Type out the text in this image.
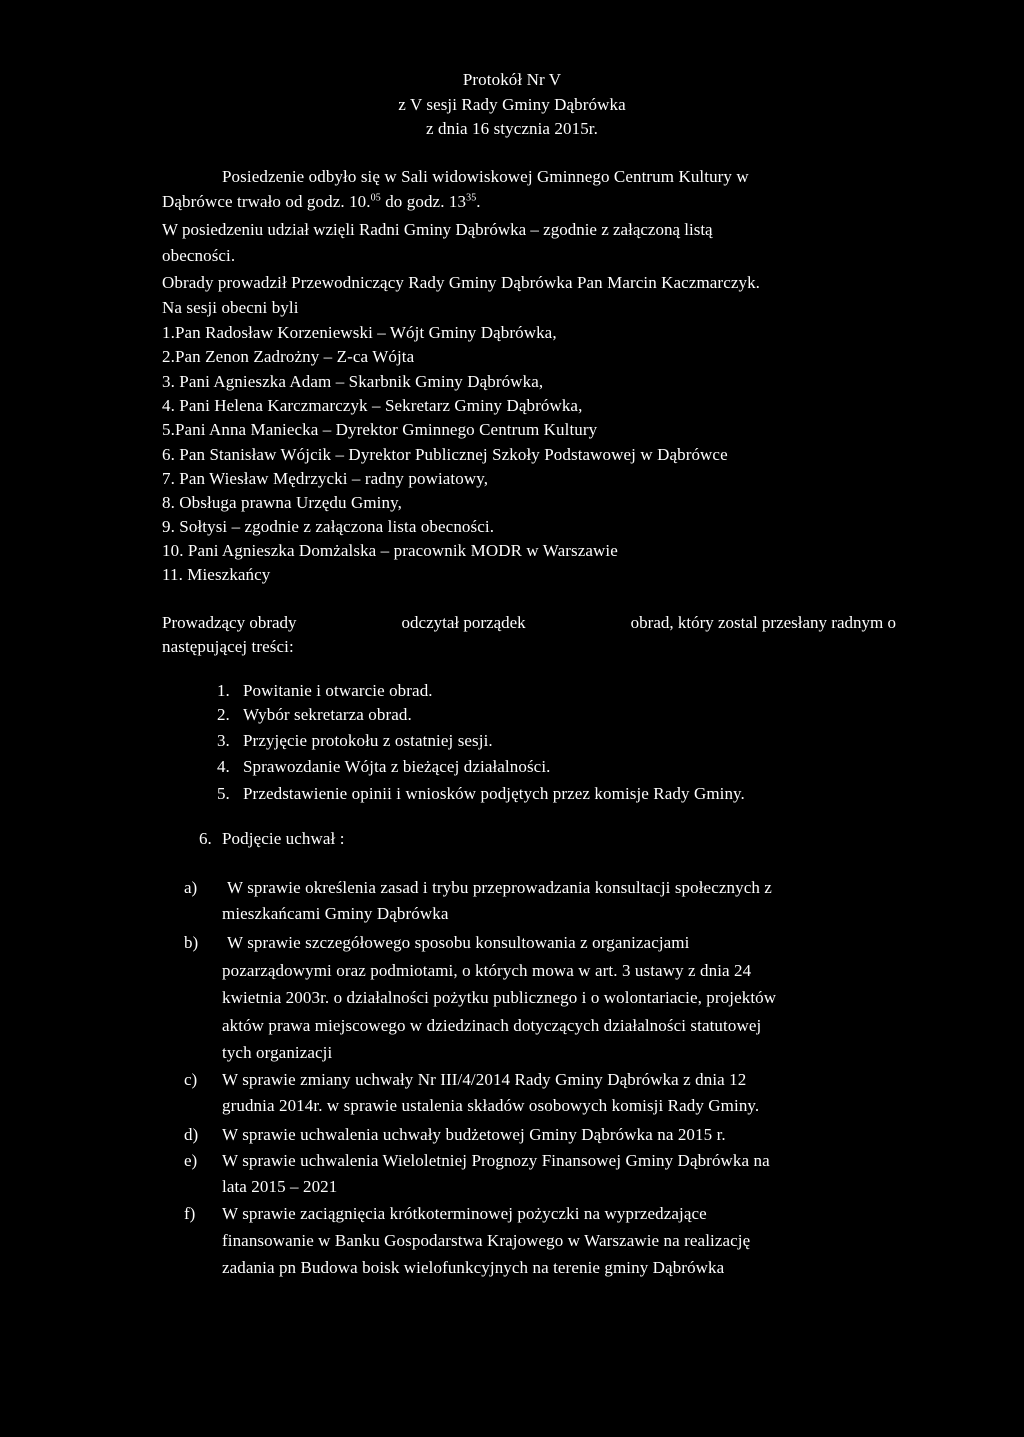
Protokół Nr V
z V sesji Rady Gminy Dąbrówka
z dnia 16 stycznia 2015r.
Posiedzenie odbyło się w Sali widowiskowej Gminnego Centrum Kultury w
Dąbrówce trwało od godz. 10.05 do godz. $13^{35}$.
W posiedzeniu udział wzięli Radni Gminy Dąbrówka – zgodnie z załączoną listą
obecności.
Obrady prowadził Przewodniczący Rady Gminy Dąbrówka Pan Marcin Kaczmarczyk.
Na sesji obecni byli
1.Pan Radosław Korzeniewski – Wójt Gminy Dąbrówka,
2.Pan Zenon Zadrożny – Z-ca Wójta
3. Pani Agnieszka Adam – Skarbnik Gminy Dąbrówka,
4. Pani Helena Karczmarczyk – Sekretarz Gminy Dąbrówka,
5.Pani Anna Maniecka – Dyrektor Gminnego Centrum Kultury
6. Pan Stanisław Wójcik – Dyrektor Publicznej Szkoły Podstawowej w Dąbrówce
7. Pan Wiesław Mędrzycki – radny powiatowy,
8. Obsługa prawna Urzędu Gminy,
9. Sołtysi – zgodnie z załączona lista obecności.
10. Pani Agnieszka Domżalska – pracownik MODR w Warszawie
11. Mieszkańcy
Prowadzący obrady	odczytał porządek	obrad, który zostal przesłany radnym o
następującej treści:
1. Powitanie i otwarcie obrad.
2. Wybór sekretarza obrad.
3. Przyjęcie protokołu z ostatniej sesji.
4. Sprawozdanie Wójta z bieżącej działalności.
5. Przedstawienie opinii i wniosków podjętych przez komisje Rady Gminy.
6. Podjęcie uchwał :
a) W sprawie określenia zasad i trybu przeprowadzania konsultacji społecznych z
mieszkańcami Gminy Dąbrówka
b) W sprawie szczegółowego sposobu konsultowania z organizacjami
pozarządowymi oraz podmiotami, o których mowa w art. 3 ustawy z dnia 24
kwietnia 2003r. o działalności pożytku publicznego i o wolontariacie, projektów
aktów prawa miejscowego w dziedzinach dotyczących działalności statutowej
tych organizacji
c) W sprawie zmiany uchwały Nr III/4/2014 Rady Gminy Dąbrówka z dnia 12
grudnia 2014r. w sprawie ustalenia składów osobowych komisji Rady Gminy.
d) W sprawie uchwalenia uchwały budżetowej Gminy Dąbrówka na 2015 r.
e) W sprawie uchwalenia Wieloletniej Prognozy Finansowej Gminy Dąbrówka na
lata 2015 – 2021
f) W sprawie zaciągnięcia krótkoterminowej pożyczki na wyprzedzające
finansowanie w Banku Gospodarstwa Krajowego w Warszawie na realizację
zadania pn Budowa boisk wielofunkcyjnych na terenie gminy Dąbrówka
